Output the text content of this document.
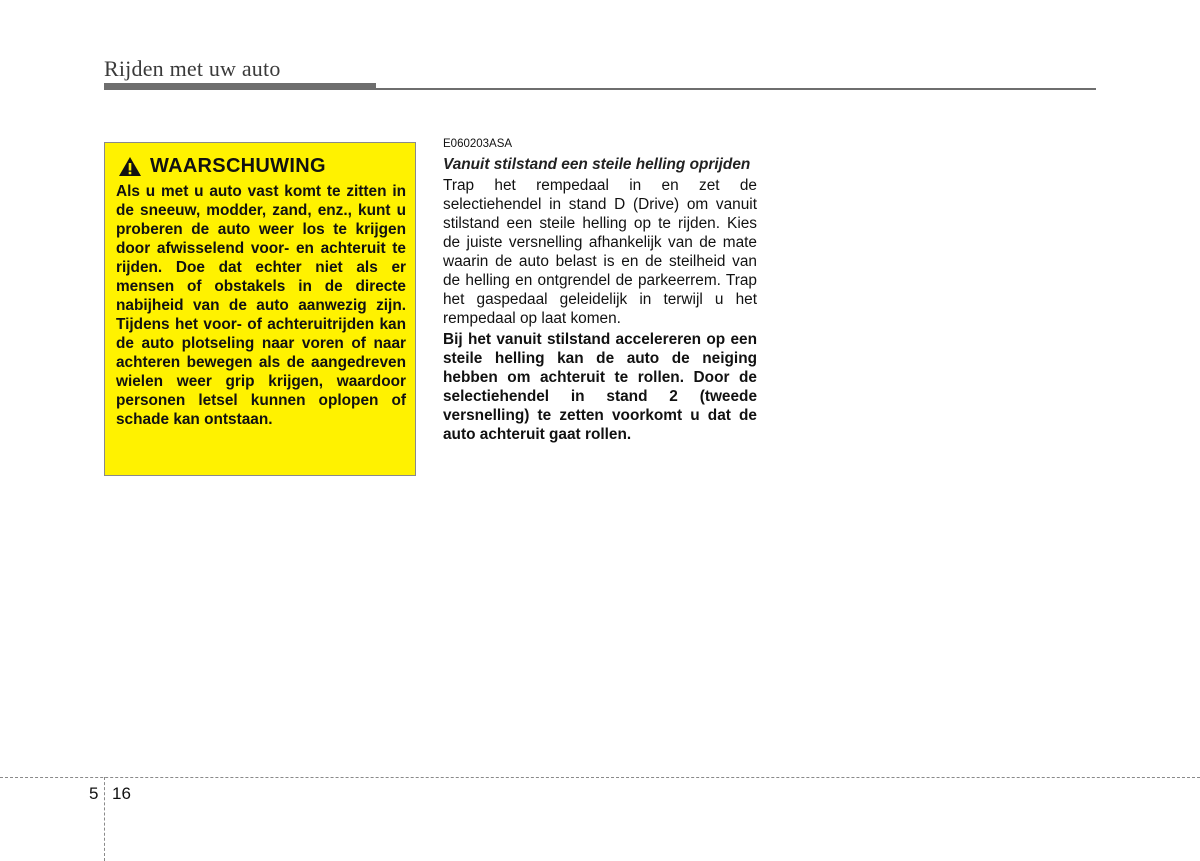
Rijden met uw auto
WAARSCHUWING

Als u met u auto vast komt te zitten in de sneeuw, modder, zand, enz., kunt u proberen de auto weer los te krijgen door afwisselend voor- en achteruit te rijden. Doe dat echter niet als er mensen of obstakels in de directe nabijheid van de auto aanwezig zijn. Tijdens het voor- of achteruitrijden kan de auto plotseling naar voren of naar achteren bewegen als de aangedreven wielen weer grip krijgen, waardoor personen letsel kunnen oplopen of schade kan ontstaan.

E060203ASA

Vanuit stilstand een steile helling oprijden

Trap het rempedaal in en zet de selectiehendel in stand D (Drive) om vanuit stilstand een steile helling op te rijden. Kies de juiste versnelling afhankelijk van de mate waarin de auto belast is en de steilheid van de helling en ontgrendel de parkeerrem. Trap het gaspedaal geleidelijk in terwijl u het rempedaal op laat komen.

Bij het vanuit stilstand accelereren op een steile helling kan de auto de neiging hebben om achteruit te rollen. Door de selectiehendel in stand 2 (tweede versnelling) te zetten voorkomt u dat de auto achteruit gaat rollen.

5 16
